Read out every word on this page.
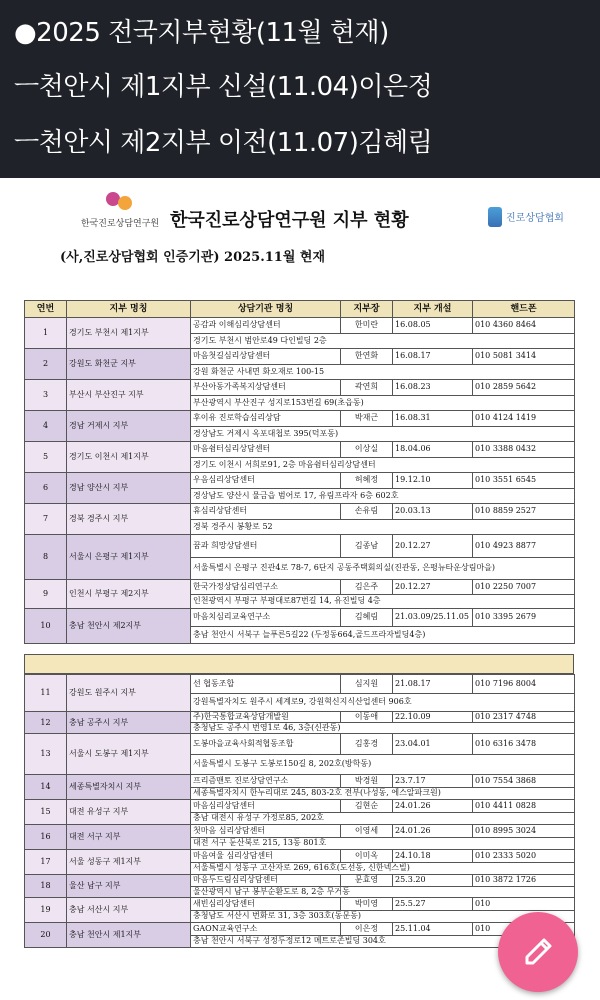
●2025 전국지부현황(11월 현재)
ㅡ천안시 제1지부 신설(11.04)이은정
ㅡ천안시 제2지부 이전(11.07)김혜림
한국진로상담연구원 한국진로상담연구원 지부 현황	진로상담협회
(사,진로상담협회 인증기관) 2025.11월 현재
연번	지부 명칭	상담기관 명칭	지부장	지부 개설	핸드폰
1	경기도 부천시 제1지부	공감과 이해심리상담센터	한미란	16.08.05	010 4360 8464
		경기도 부천시 범안로49 다인빌딩 2층			
2	강원도 화천군 지부	마음첫길심리상담센터	한연화	16.08.17	010 5081 3414
		강원 화천군 사내면 화오재로 100-15			
3	부산시 부산진구 지부	부산아동가족복지상담센터	곽연희	16.08.23	010 2859 5642
		부산광역시 부산진구 성지로153번길 69(초읍동)			
4	경남 거제시 지부	후이유 진로학습심리상담	박재근	16.08.31	010 4124 1419
		경상남도 거제시 옥포대첩로 395(덕포동)			
5	경기도 이천시 제1지부	마음쉼터심리상담센터	이상실	18.04.06	010 3388 0432
		경기도 이천시 서희로91, 2층 마음쉼터심리상담센터			
6	경남 양산시 지부	우음심리상담센터	허혜정	19.12.10	010 3551 6545
		경상남도 양산시 물금읍 범어로 17, 유림프라자 6층 602호			
7	경북 경주시 지부	휴심리상담센터	손유림	20.03.13	010 8859 2527
		경북 경주시 봉황로 52			
8	서울시 은평구 제1지부	꿈과 희망상담센터	김종남	20.12.27	010 4923 8877
		서울특별시 은평구 진관4로 78-7, 6단지 공동주택회의실(진관동, 은평뉴타운상림마을)			
9	인천시 부평구 제2지부	한국가정상담심리연구소	김은주	20.12.27	010 2250 7007
		인천광역시 부평구 부평대로87번길 14, 유진빌딩 4층			
10	충남 천안시 제2지부	마음치심리교육연구소	김혜림	21.03.09/25.11.05	010 3395 2679
		충남 천안시 서북구 늘푸른5길22 (두정동664,골드프라자빌딩4층)			
11	강원도 원주시 지부	선 협동조합	심지원	21.08.17	010 7196 8004
		강원특별자치도 원주시 세계로9, 강원혁신지식산업센터 906호			
12	충남 공주시 지부	주)한국통합교육상담개발원	이동애	22.10.09	010 2317 4748
		충청남도 공주시 번영1로 46, 3층(신관동)			
13	서울시 도봉구 제1지부	도봉마을교육사회적협동조합	김홍경	23.04.01	010 6316 3478
		서울특별시 도봉구 도봉로150길 8, 202호(방학동)			
14	세종특별자치시 지부	프리즘맨토 진로상담연구소	박경원	23.7.17	010 7554 3868
		세종특별자치시 한누리대로 245, 803-2호 전부(나성동, 에스알파크원)			
15	대전 유성구 지부	마음심리상담센터	김현순	24.01.26	010 4411 0828
		충남 대전시 유성구 가정로85, 202호			
16	대전 서구 지부	첫마음 심리상담센터	이영세	24.01.26	010 8995 3024
		대전 서구 둔산북로 215, 13동 801호			
17	서울 성동구 제1지부	마음여울 심리상담센터	이미옥	24.10.18	010 2333 5020
		서울특별시 성동구 고산자로 269, 616호(도선동, 신한넥스빌)			
18	울산 남구 지부	마음두드림심리상담센터	문효영	25.3.20	010 3872 1726
		울산광역시 남구 봉부순환도로 8, 2층 무거동			
19	충남 서산시 지부	새빈심리상담센터	박미영	25.5.27	010
		충청남도 서산시 번화로 31, 3층 303호(동문동)			
20	충남 천안시 제1지부	GAON교육연구소	이은정	25.11.04	010
		충남 천안시 서북구 성정두정로12 메트로존빌딩 304호			
